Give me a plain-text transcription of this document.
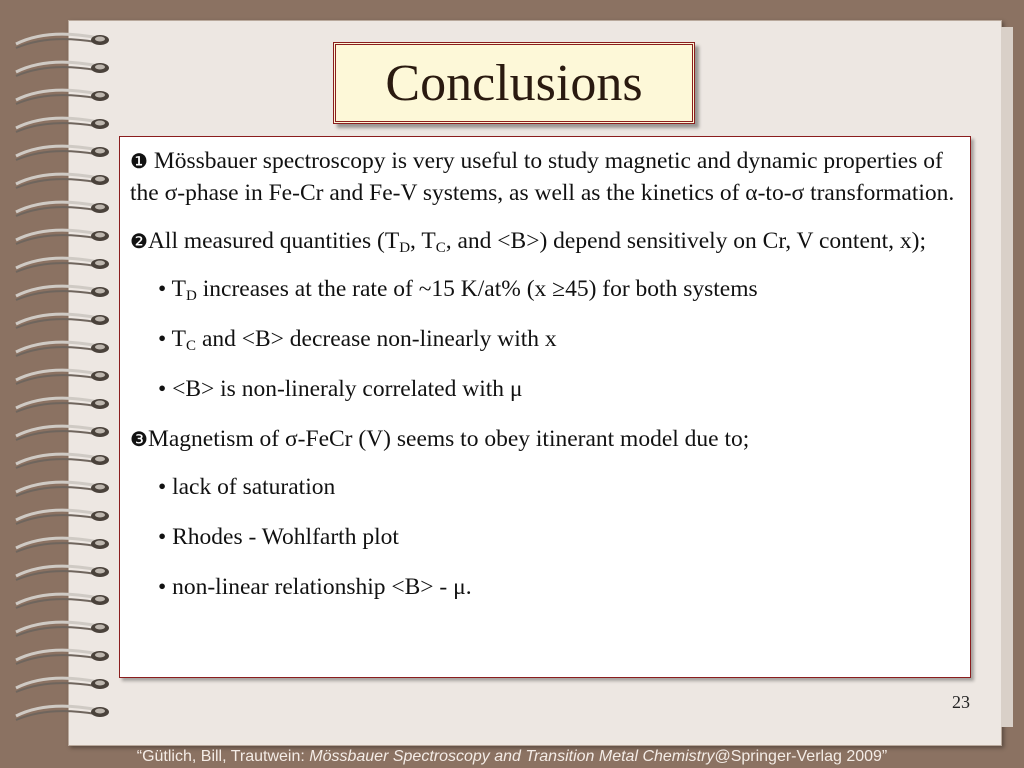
Conclusions

❶ Mössbauer spectroscopy is very useful to study magnetic and dynamic properties of the σ-phase in Fe-Cr and Fe-V systems, as well as the kinetics of α-to-σ transformation.

❷All measured quantities ($T_D$, $T_C$, and <B>) depend sensitively on Cr, V content, x);

• $T_D$ increases at the rate of ~15 K/at% (x ≥45) for both systems

• $T_C$ and <B> decrease non-linearly with x

• <B> is non-lineraly correlated with μ

❸Magnetism of σ-FeCr (V) seems to obey itinerant model due to;

• lack of saturation

• Rhodes - Wohlfarth plot

• non-linear relationship <B> - μ.

23
“Gütlich, Bill, Trautwein: Mössbauer Spectroscopy and Transition Metal Chemistry@Springer-Verlag 2009”
